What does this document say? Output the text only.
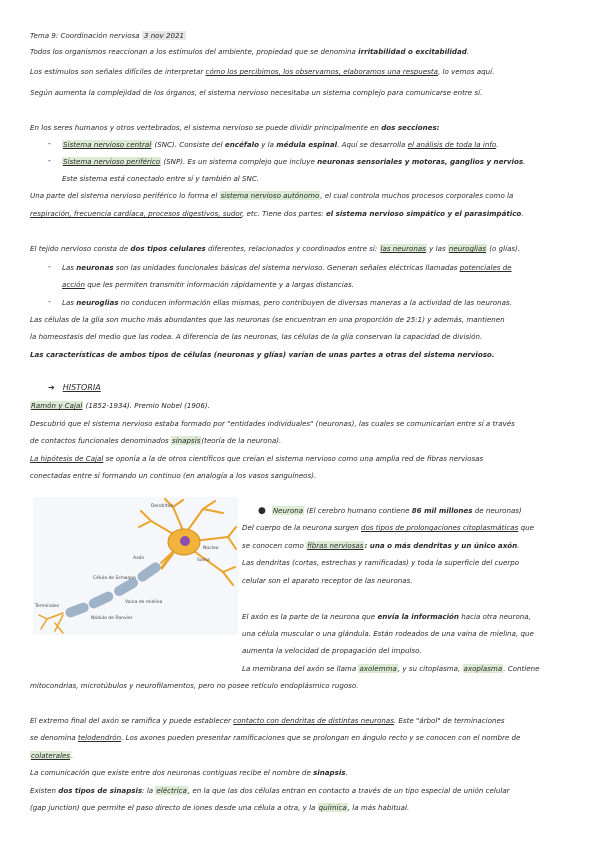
Tema 9: Coordinación nerviosa 3 nov 2021
Todos los organismos reaccionan a los estímulos del ambiente, propiedad que se denomina irritabilidad o excitabilidad.
Los estímulos son señales difíciles de interpretar cómo los percibimos, los observamos, elaboramos una respuesta, lo vemos aquí.
Según aumenta la complejidad de los órganos, el sistema nervioso necesitaba un sistema complejo para comunicarse entre sí.
En los seres humanos y otros vertebrados, el sistema nervioso se puede dividir principalmente en dos secciones:
- Sistema nervioso central (SNC). Consiste del encéfalo y la médula espinal. Aquí se desarrolla el análisis de toda la info.
- Sistema nervioso periférico (SNP). Es un sistema complejo que incluye neuronas sensoriales y motoras, ganglios y nervios.
Este sistema está conectado entre sí y también al SNC.
Una parte del sistema nervioso periférico lo forma el sistema nervioso autónomo, el cual controla muchos procesos corporales como la
respiración, frecuencia cardíaca, procesos digestivos, sudor, etc. Tiene dos partes: el sistema nervioso simpático y el parasimpático.
El tejido nervioso consta de dos tipos celulares diferentes, relacionados y coordinados entre sí: las neuronas y las neuroglias (o glías).
- Las neuronas son las unidades funcionales básicas del sistema nervioso. Generan señales eléctricas llamadas potenciales de
acción que les permiten transmitir información rápidamente y a largas distancias.
- Las neuroglias no conducen información ellas mismas, pero contribuyen de diversas maneras a la actividad de las neuronas.
Las células de la glía son mucho más abundantes que las neuronas (se encuentran en una proporción de 25:1) y además, mantienen
la homeostasis del medio que las rodea. A diferencia de las neuronas, las células de la glía conservan la capacidad de división.
Las características de ambos tipos de células (neuronas y glías) varían de unas partes a otras del sistema nervioso.
➔ HISTORIA
Ramón y Cajal (1852-1934). Premio Nobel (1906).
Descubrió que el sistema nervioso estaba formado por "entidades individuales" (neuronas), las cuales se comunicarían entre sí a través
de contactos funcionales denominados sinapsis(teoría de la neurona).
La hipótesis de Cajal se oponía a la de otros científicos que creían el sistema nervioso como una amplia red de fibras nerviosas
conectadas entre sí formando un continuo (en analogía a los vasos sanguíneos).
Dendritas
Núcleo
Soma
Axón
Vaina de mielina
Nódulo de Ranvier
Terminales
Célula de Schwann
● Neurona (El cerebro humano contiene 86 mil millones de neuronas)
Del cuerpo de la neurona surgen dos tipos de prolongaciones citoplasmáticas que
se conocen como fibras nerviosas: una o más dendritas y un único axón.
Las dendritas (cortas, estrechas y ramificadas) y toda la superficie del cuerpo
celular son el aparato receptor de las neuronas.
El axón es la parte de la neurona que envía la información hacia otra neurona,
una célula muscular o una glándula. Están rodeados de una vaina de mielina, que
aumenta la velocidad de propagación del impulso.
La membrana del axón se llama axolemma, y su citoplasma, axoplasma. Contiene
mitocondrias, microtúbulos y neurofilamentos, pero no posee retículo endoplásmico rugoso.
El extremo final del axón se ramifica y puede establecer contacto con dendritas de distintas neuronas. Este "árbol" de terminaciones
se denomina telodendrón. Los axones pueden presentar ramificaciones que se prolongan en ángulo recto y se conocen con el nombre de
colaterales.
La comunicación que existe entre dos neuronas contiguas recibe el nombre de sinapsis.
Existen dos tipos de sinapsis: la eléctrica, en la que las dos células entran en contacto a través de un tipo especial de unión celular
(gap junction) que permite el paso directo de iones desde una célula a otra, y la química, la más habitual.
